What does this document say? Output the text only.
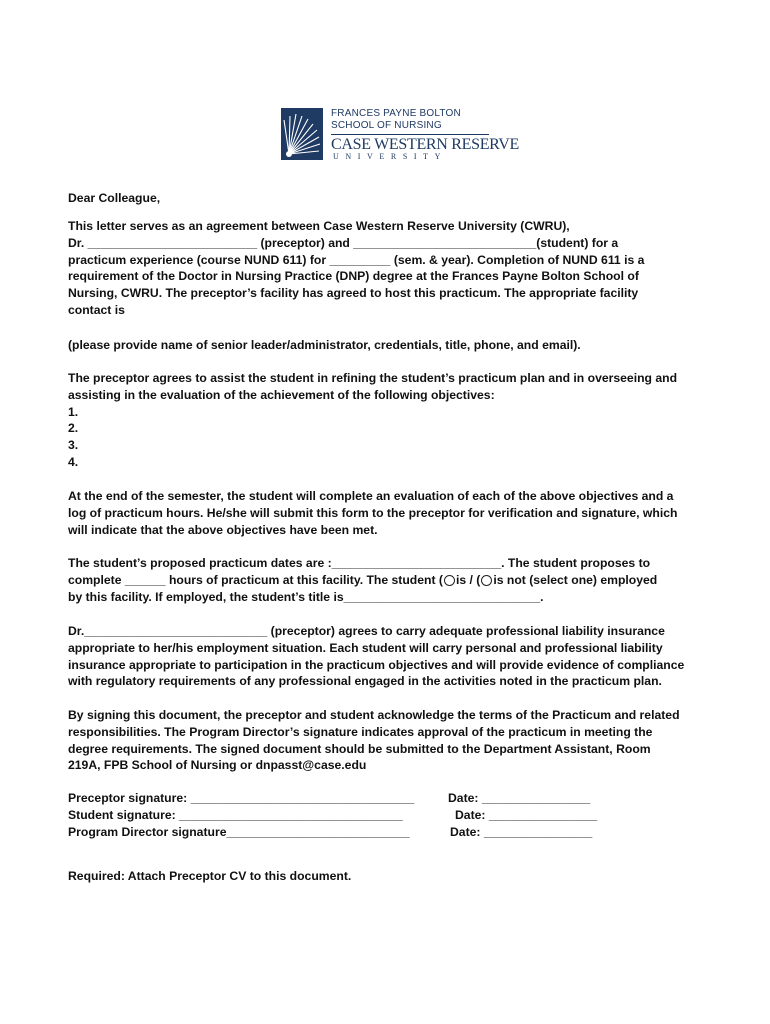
FRANCES PAYNE BOLTON
SCHOOL OF NURSING
CASE WESTERN RESERVE
UNIVERSITY
Dear Colleague,
This letter serves as an agreement between Case Western Reserve University (CWRU),
Dr. _________________________ (preceptor) and ___________________________(student) for a
practicum experience (course NUND 611) for _________ (sem. & year). Completion of NUND 611 is a
requirement of the Doctor in Nursing Practice (DNP) degree at the Frances Payne Bolton School of
Nursing, CWRU. The preceptor’s facility has agreed to host this practicum. The appropriate facility
contact is
(please provide name of senior leader/administrator, credentials, title, phone, and email).
The preceptor agrees to assist the student in refining the student’s practicum plan and in overseeing and
assisting in the evaluation of the achievement of the following objectives:
1.
2.
3.
4.
At the end of the semester, the student will complete an evaluation of each of the above objectives and a
log of practicum hours. He/she will submit this form to the preceptor for verification and signature, which
will indicate that the above objectives have been met.
The student’s proposed practicum dates are :_________________________. The student proposes to
complete ______ hours of practicum at this facility. The student ( is / ( is not (select one) employed
by this facility. If employed, the student’s title is_____________________________.
Dr.___________________________ (preceptor) agrees to carry adequate professional liability insurance
appropriate to her/his employment situation. Each student will carry personal and professional liability
insurance appropriate to participation in the practicum objectives and will provide evidence of compliance
with regulatory requirements of any professional engaged in the activities noted in the practicum plan.
By signing this document, the preceptor and student acknowledge the terms of the Practicum and related
responsibilities. The Program Director’s signature indicates approval of the practicum in meeting the
degree requirements. The signed document should be submitted to the Department Assistant, Room
219A, FPB School of Nursing or dnpasst@case.edu
Preceptor signature: _________________________________	Date: ________________
Student signature: _________________________________	Date: ________________
Program Director signature___________________________	Date: ________________
Required: Attach Preceptor CV to this document.
